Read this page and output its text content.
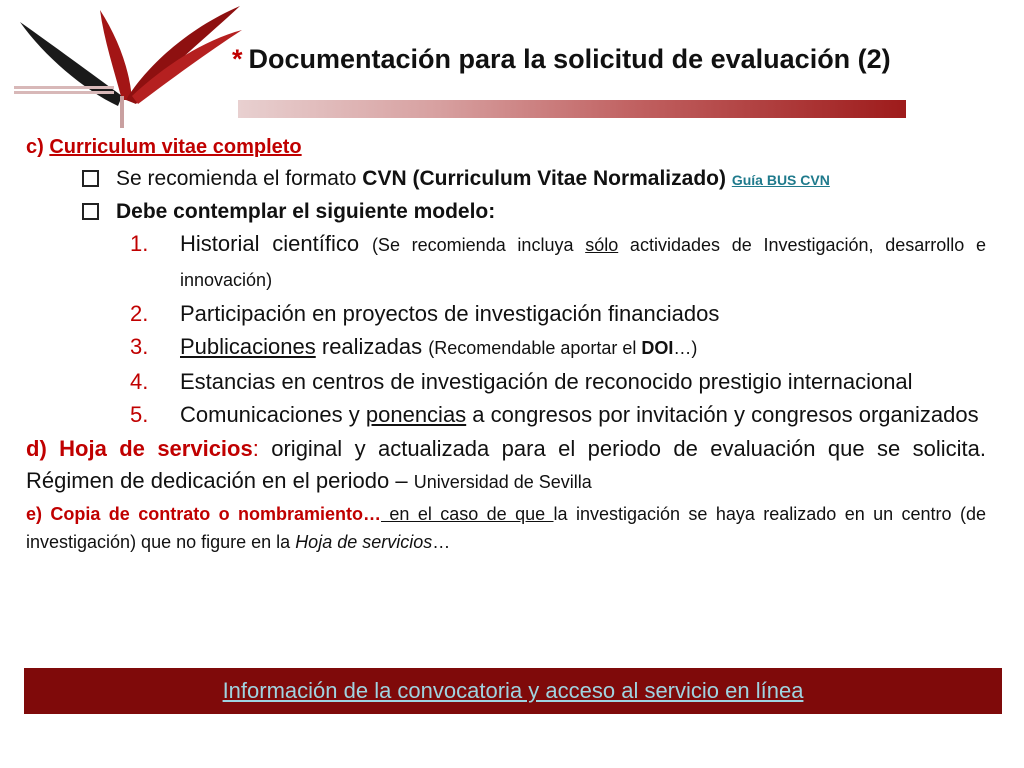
* Documentación para la solicitud de evaluación (2)
c) Curriculum vitae completo
Se recomienda el formato CVN (Curriculum Vitae Normalizado) Guía BUS CVN
Debe contemplar el siguiente modelo:
1. Historial científico (Se recomienda incluya sólo actividades de Investigación, desarrollo e innovación)
2. Participación en proyectos de investigación financiados
3. Publicaciones realizadas (Recomendable aportar el DOI…)
4. Estancias en centros de investigación de reconocido prestigio internacional
5. Comunicaciones y ponencias a congresos por invitación y congresos organizados
d) Hoja de servicios: original y actualizada para el periodo de evaluación que se solicita. Régimen de dedicación en el periodo – Universidad de Sevilla
e) Copia de contrato o nombramiento… en el caso de que la investigación se haya realizado en un centro (de investigación) que no figure en la Hoja de servicios…
Información de la convocatoria y acceso al servicio en línea
